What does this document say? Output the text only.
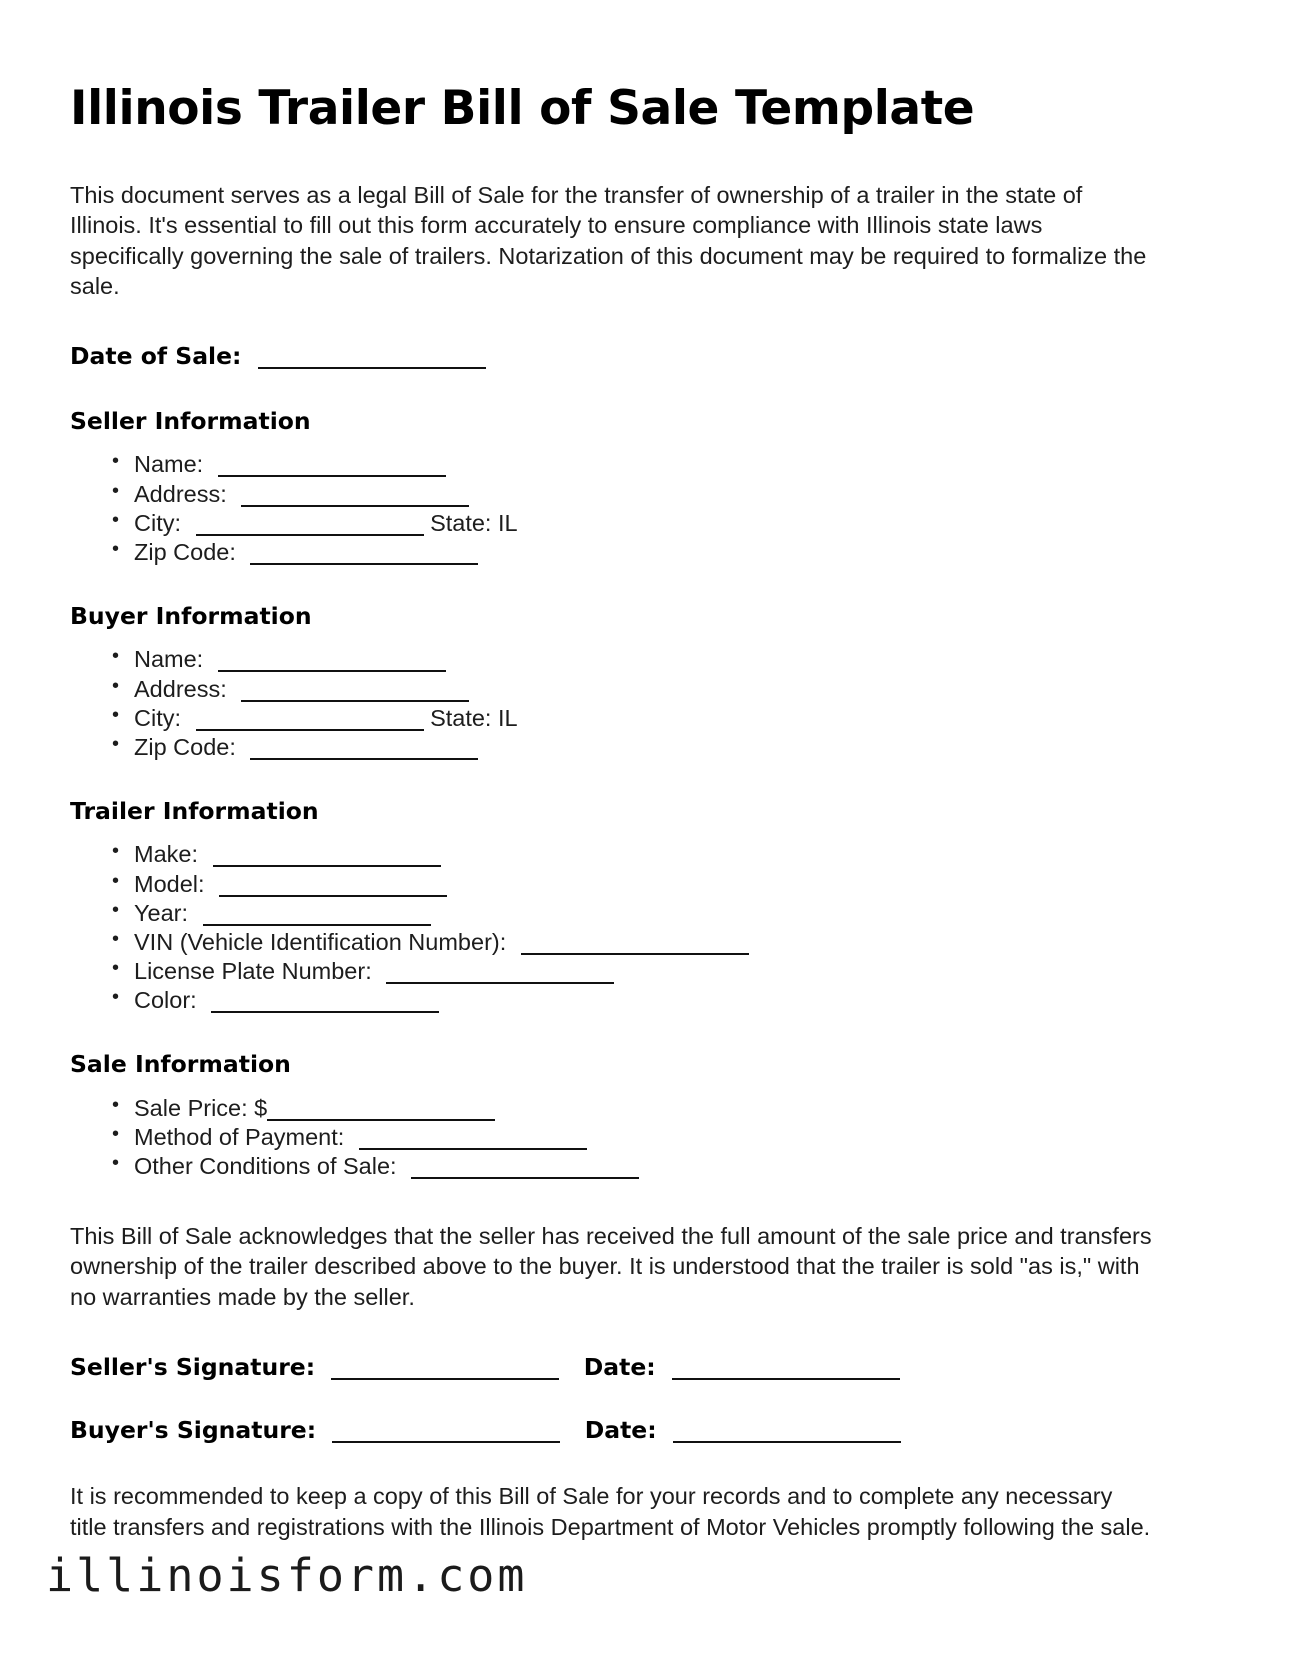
Illinois Trailer Bill of Sale Template

This document serves as a legal Bill of Sale for the transfer of ownership of a trailer in the state of Illinois. It's essential to fill out this form accurately to ensure compliance with Illinois state laws specifically governing the sale of trailers. Notarization of this document may be required to formalize the sale.

Date of Sale:
Seller Information
• Name:
• Address:
• City:	State: IL
• Zip Code:
Buyer Information
• Name:
• Address:
• City:	State: IL
• Zip Code:
Trailer Information
• Make:
• Model:
• Year:
• VIN (Vehicle Identification Number):
• License Plate Number:
• Color:
Sale Information
• Sale Price: $
• Method of Payment:
• Other Conditions of Sale:

This Bill of Sale acknowledges that the seller has received the full amount of the sale price and transfers ownership of the trailer described above to the buyer. It is understood that the trailer is sold "as is," with no warranties made by the seller.

Seller's Signature:	Date:
Buyer's Signature:	Date:

It is recommended to keep a copy of this Bill of Sale for your records and to complete any necessary title transfers and registrations with the Illinois Department of Motor Vehicles promptly following the sale.

illinoisform.com
